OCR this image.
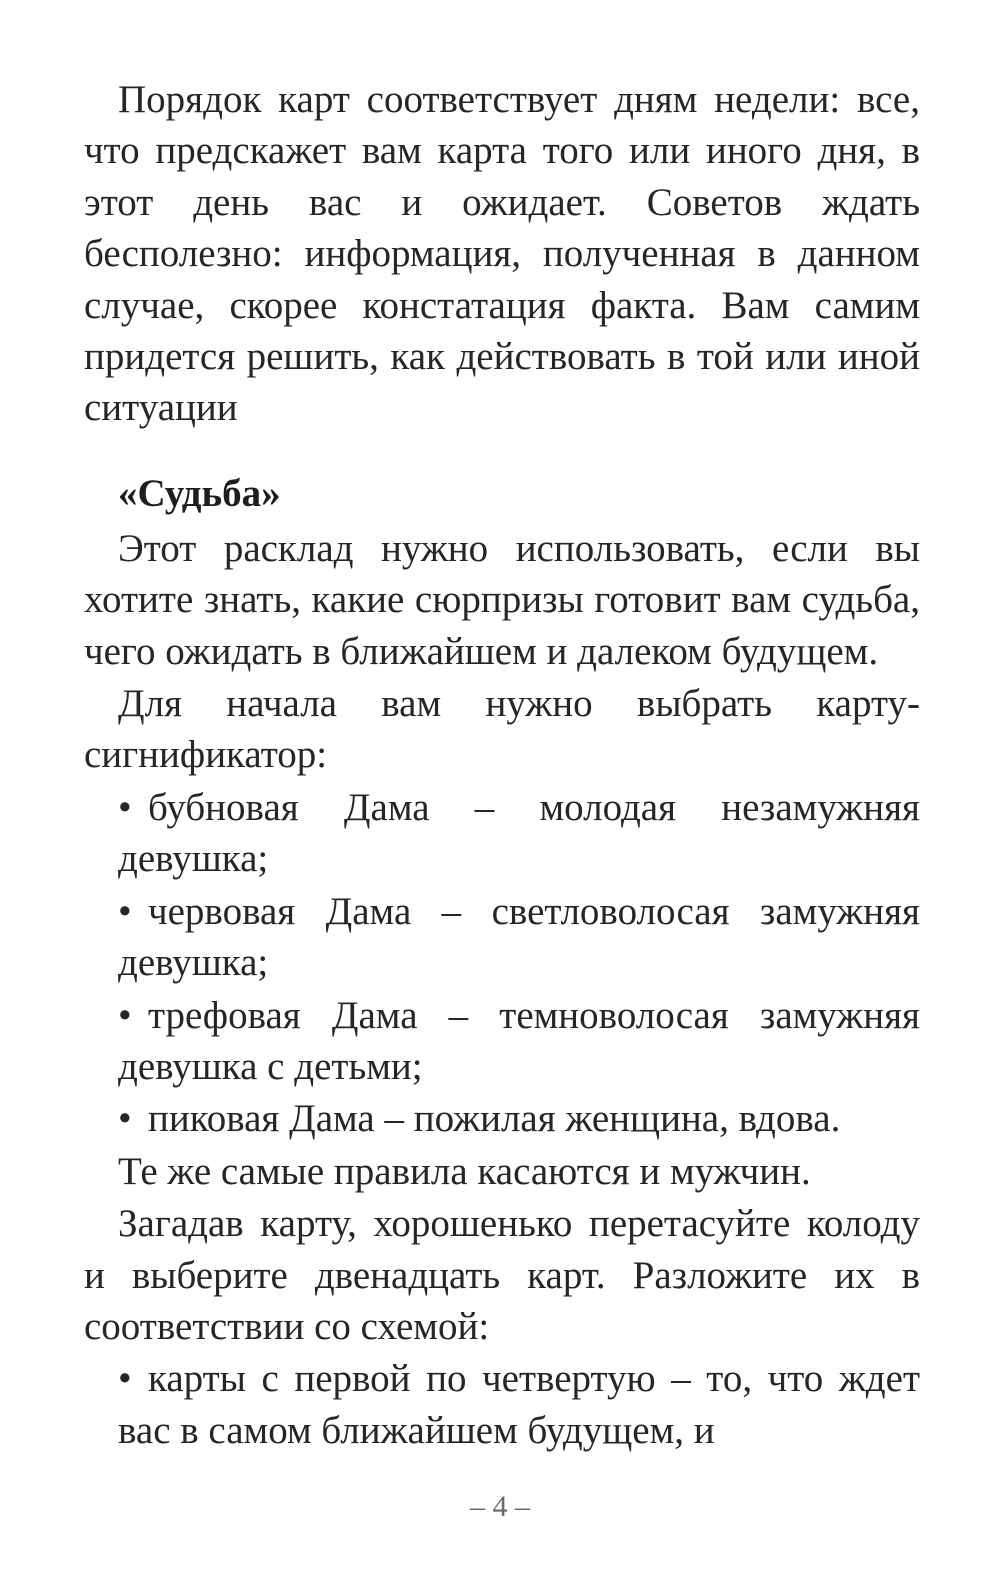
Порядок карт соответствует дням недели: все, что предскажет вам карта того или иного дня, в этот день вас и ожидает. Советов ждать бесполезно: информация, полученная в данном случае, скорее констатация факта. Вам самим придется решить, как действовать в той или иной ситуации

«Судьба»

Этот расклад нужно использовать, если вы хотите знать, какие сюрпризы готовит вам судьба, чего ожидать в ближайшем и далеком будущем.

Для начала вам нужно выбрать карту-сигнификатор:

• бубновая Дама – молодая незамужняя девушка;
• червовая Дама – светловолосая замужняя девушка;
• трефовая Дама – темноволосая замужняя девушка с детьми;
• пиковая Дама – пожилая женщина, вдова.

Те же самые правила касаются и мужчин.

Загадав карту, хорошенько перетасуйте колоду и выберите двенадцать карт. Разложите их в соответствии со схемой:

• карты с первой по четвертую – то, что ждет вас в самом ближайшем будущем, и
– 4 –
